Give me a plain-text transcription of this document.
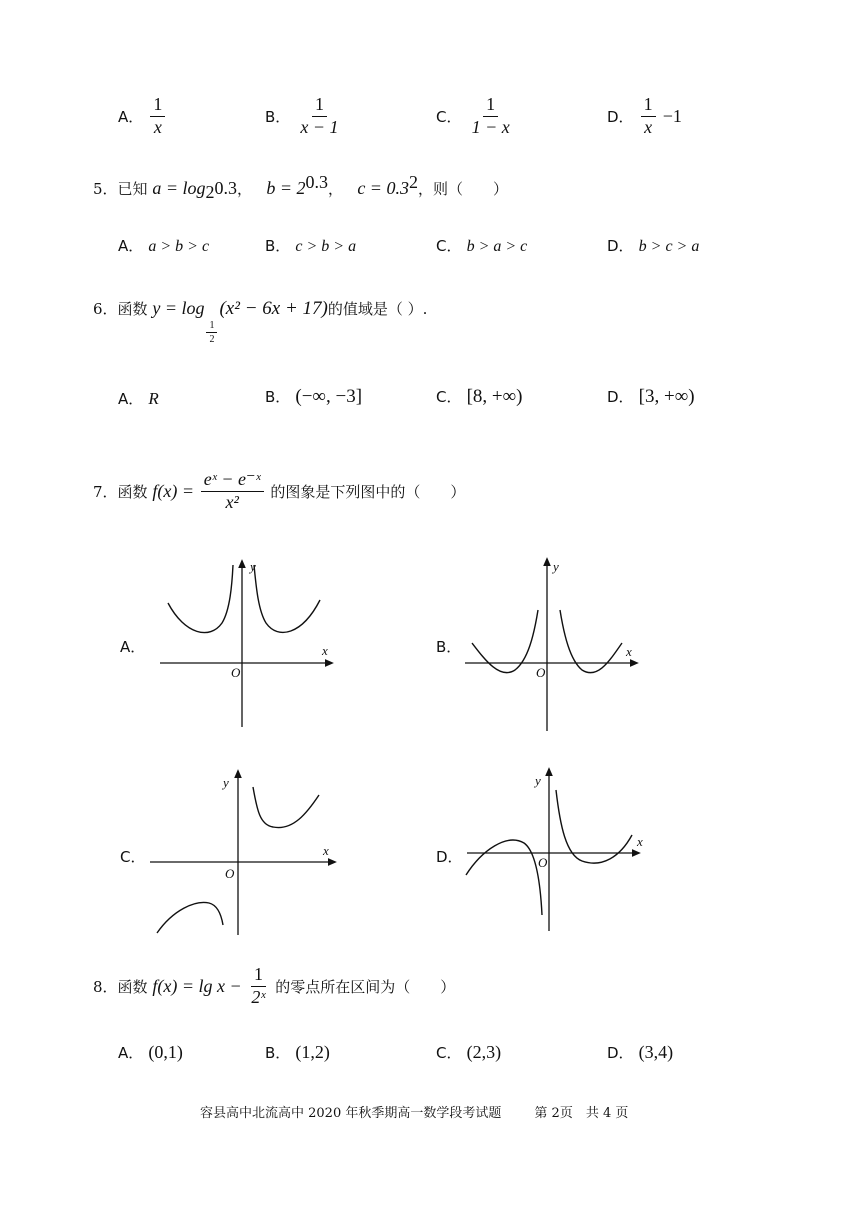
A． $\frac{1}{x}$	B． $\frac{1}{x - 1}$	C． $\frac{1}{1 - x}$	D． $\frac{1}{x} -1$
5．已知 $a = \log_20.3$， $b = 2^{0.3}$， $c = 0.3^2$，则（　　）
A． a > b > c	B． c > b > a	C． b > a > c	D． b > c > a
6．函数 y = log
$\frac{1}{2}$
(x² − 6x + 17)的值域是（ ）.
A． R	B． (−∞, −3]	C． [8, +∞)	D． [3, +∞)
7．函数 $f(x) = \frac{\text{eˣ − e⁻ˣ}}{\text{x²}}$ 的图象是下列图中的（　　）
A．
y
x
O
B．
y
x
O
C．
y
x
O
D．
y
x
O
8．函数 $f(x) = \lg x - \frac{1}{\text{2ˣ}}$ 的零点所在区间为（　　）
A． (0,1)	B． (1,2)	C． (2,3)	D． (3,4)
容县高中北流高中 2020 年秋季期高一数学段考试题	第 2页　共 4 页
